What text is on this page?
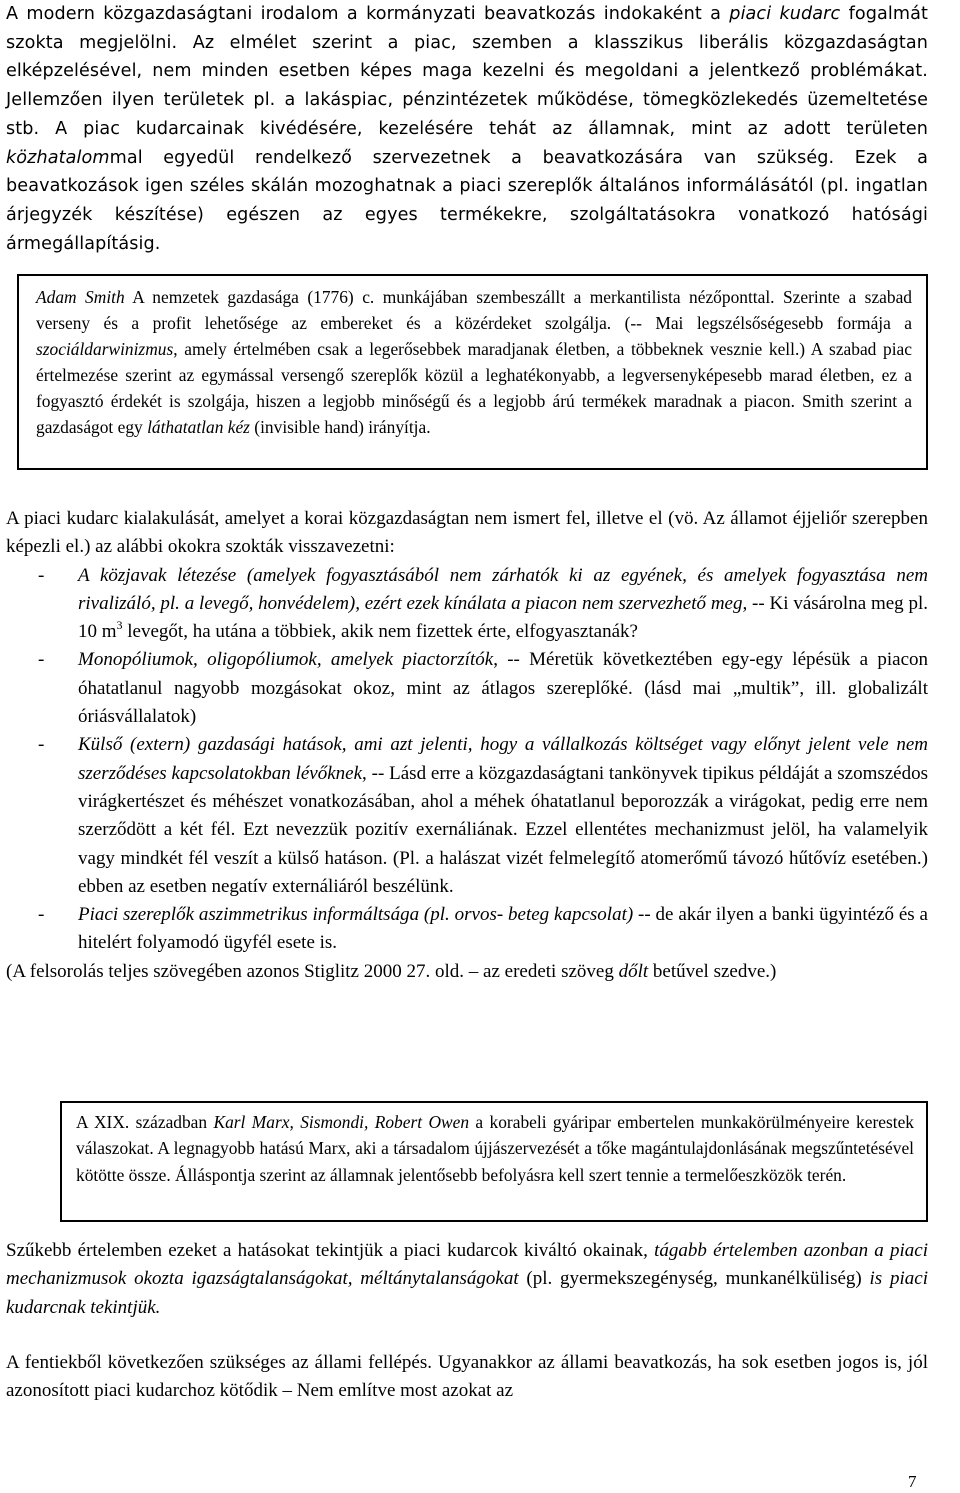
A modern közgazdaságtani irodalom a kormányzati beavatkozás indokaként a piaci kudarc fogalmát szokta megjelölni. Az elmélet szerint a piac, szemben a klasszikus liberális közgazdaságtan elképzelésével, nem minden esetben képes maga kezelni és megoldani a jelentkező problémákat. Jellemzően ilyen területek pl. a lakáspiac, pénzintézetek működése, tömegközlekedés üzemeltetése stb. A piac kudarcainak kivédésére, kezelésére tehát az államnak, mint az adott területen közhatalommal egyedül rendelkező szervezetnek a beavatkozására van szükség. Ezek a beavatkozások igen széles skálán mozoghatnak a piaci szereplők általános informálásától (pl. ingatlan árjegyzék készítése) egészen az egyes termékekre, szolgáltatásokra vonatkozó hatósági ármegállapításig.

Adam Smith A nemzetek gazdasága (1776) c. munkájában szembeszállt a merkantilista nézőponttal. Szerinte a szabad verseny és a profit lehetősége az embereket és a közérdeket szolgálja. (-- Mai legszélsőségesebb formája a szociáldarwinizmus, amely értelmében csak a legerősebbek maradjanak életben, a többeknek vesznie kell.) A szabad piac értelmezése szerint az egymással versengő szereplők közül a leghatékonyabb, a legversenyképesebb marad életben, ez a fogyasztó érdekét is szolgája, hiszen a legjobb minőségű és a legjobb árú termékek maradnak a piacon. Smith szerint a gazdaságot egy láthatatlan kéz (invisible hand) irányítja.

A piaci kudarc kialakulását, amelyet a korai közgazdaságtan nem ismert fel, illetve el (vö. Az államot éjjeliőr szerepben képezli el.) az alábbi okokra szokták visszavezetni:

- A közjavak létezése (amelyek fogyasztásából nem zárhatók ki az egyének, és amelyek fogyasztása nem rivalizáló, pl. a levegő, honvédelem), ezért ezek kínálata a piacon nem szervezhető meg, -- Ki vásárolna meg pl. 10 $m^3$ levegőt, ha utána a többiek, akik nem fizettek érte, elfogyasztanák?
- Monopóliumok, oligopóliumok, amelyek piactorzítók, -- Méretük következtében egy-egy lépésük a piacon óhatatlanul nagyobb mozgásokat okoz, mint az átlagos szereplőké. (lásd mai „multik”, ill. globalizált óriásvállalatok)
- Külső (extern) gazdasági hatások, ami azt jelenti, hogy a vállalkozás költséget vagy előnyt jelent vele nem szerződéses kapcsolatokban lévőknek, -- Lásd erre a közgazdaságtani tankönyvek tipikus példáját a szomszédos virágkertészet és méhészet vonatkozásában, ahol a méhek óhatatlanul beporozzák a virágokat, pedig erre nem szerződött a két fél. Ezt nevezzük pozitív exernáliának. Ezzel ellentétes mechanizmust jelöl, ha valamelyik vagy mindkét fél veszít a külső hatáson. (Pl. a halászat vizét felmelegítő atomerőmű távozó hűtővíz esetében.) ebben az esetben negatív externáliáról beszélünk.
- Piaci szereplők aszimmetrikus informáltsága (pl. orvos- beteg kapcsolat) -- de akár ilyen a banki ügyintéző és a hitelért folyamodó ügyfél esete is.

(A felsorolás teljes szövegében azonos Stiglitz 2000 27. old. – az eredeti szöveg dőlt betűvel szedve.)

A XIX. században Karl Marx, Sismondi, Robert Owen a korabeli gyáripar embertelen munkakörülményeire kerestek válaszokat. A legnagyobb hatású Marx, aki a társadalom újjászervezését a tőke magántulajdonlásának megszűntetésével kötötte össze. Álláspontja szerint az államnak jelentősebb befolyásra kell szert tennie a termelőeszközök terén.

Szűkebb értelemben ezeket a hatásokat tekintjük a piaci kudarcok kiváltó okainak, tágabb értelemben azonban a piaci mechanizmusok okozta igazságtalanságokat, méltánytalanságokat (pl. gyermekszegénység, munkanélküliség) is piaci kudarcnak tekintjük.

A fentiekből következően szükséges az állami fellépés. Ugyanakkor az állami beavatkozás, ha sok esetben jogos is, jól azonosított piaci kudarchoz kötődik – Nem említve most azokat az

7
